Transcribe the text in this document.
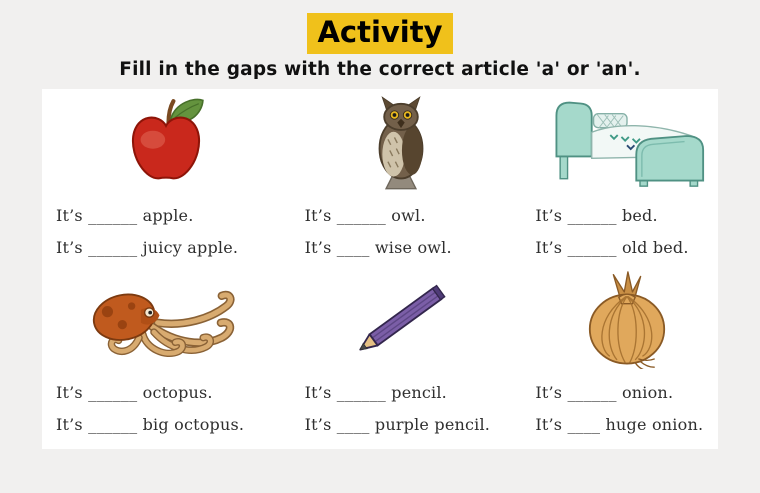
Activity
Fill in the gaps with the correct article 'a' or 'an'.
It’s ______ apple.
It’s ______ juicy apple.
It’s ______ owl.
It’s ____ wise owl.
It’s ______ bed.
It’s ______ old bed.
It’s ______ octopus.
It’s ______ big octopus.
It’s ______ pencil.
It’s ____ purple pencil.
It’s ______ onion.
It’s ____ huge onion.
